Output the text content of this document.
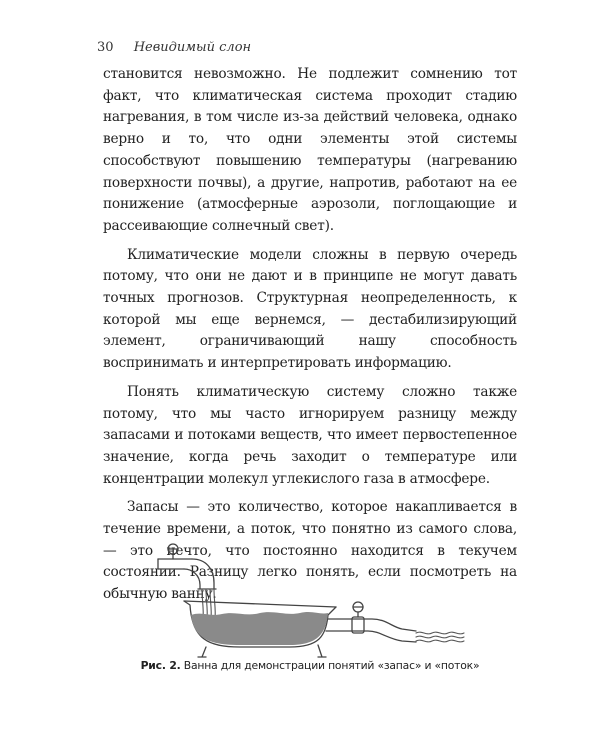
30 Невидимый слон

становится невозможно. Не подлежит сомнению тот факт, что климатическая система проходит стадию нагревания, в том числе из-за действий человека, однако верно и то, что одни элементы этой системы способствуют повышению температуры (нагреванию поверхности почвы), а другие, напротив, работают на ее понижение (атмосферные аэрозоли, поглощающие и рассеивающие солнечный свет).

Климатические модели сложны в первую очередь потому, что они не дают и в принципе не могут давать точных прогнозов. Структурная неопределенность, к которой мы еще вернемся, — дестабилизирующий элемент, ограничивающий нашу способность воспринимать и интерпретировать информацию.

Понять климатическую систему сложно также потому, что мы часто игнорируем разницу между запасами и потоками веществ, что имеет первостепенное значение, когда речь заходит о температуре или концентрации молекул углекислого газа в атмосфере.

Запасы — это количество, которое накапливается в течение времени, а поток, что понятно из самого слова, — это нечто, что постоянно находится в текучем состоянии. Разницу легко понять, если посмотреть на обычную ванну.

Рис. 2. Ванна для демонстрации понятий «запас» и «поток»
